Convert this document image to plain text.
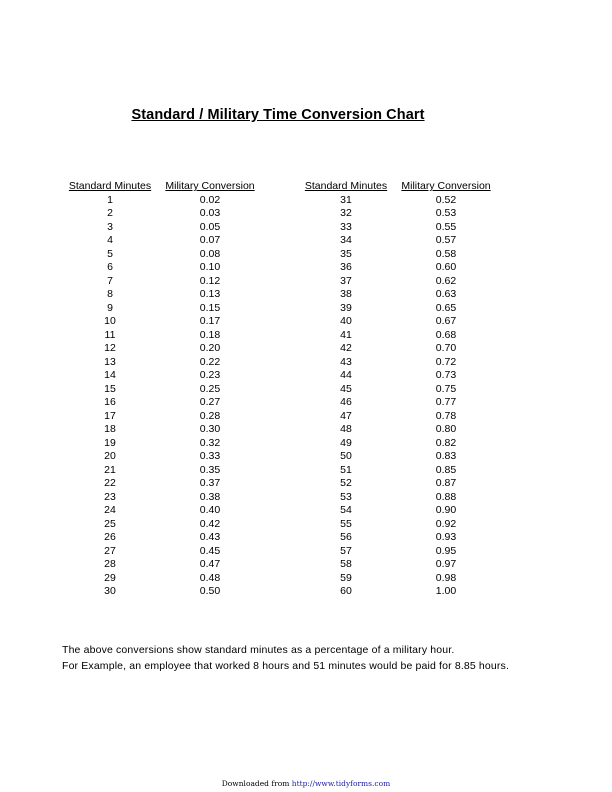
Standard / Military Time Conversion Chart
Standard Minutes	Military Conversion
1	0.02
2	0.03
3	0.05
4	0.07
5	0.08
6	0.10
7	0.12
8	0.13
9	0.15
10	0.17
11	0.18
12	0.20
13	0.22
14	0.23
15	0.25
16	0.27
17	0.28
18	0.30
19	0.32
20	0.33
21	0.35
22	0.37
23	0.38
24	0.40
25	0.42
26	0.43
27	0.45
28	0.47
29	0.48
30	0.50
Standard Minutes	Military Conversion
31	0.52
32	0.53
33	0.55
34	0.57
35	0.58
36	0.60
37	0.62
38	0.63
39	0.65
40	0.67
41	0.68
42	0.70
43	0.72
44	0.73
45	0.75
46	0.77
47	0.78
48	0.80
49	0.82
50	0.83
51	0.85
52	0.87
53	0.88
54	0.90
55	0.92
56	0.93
57	0.95
58	0.97
59	0.98
60	1.00
The above conversions show standard minutes as a percentage of a military hour.
For Example, an employee that worked 8 hours and 51 minutes would be paid for 8.85 hours.
Downloaded from http://www.tidyforms.com
